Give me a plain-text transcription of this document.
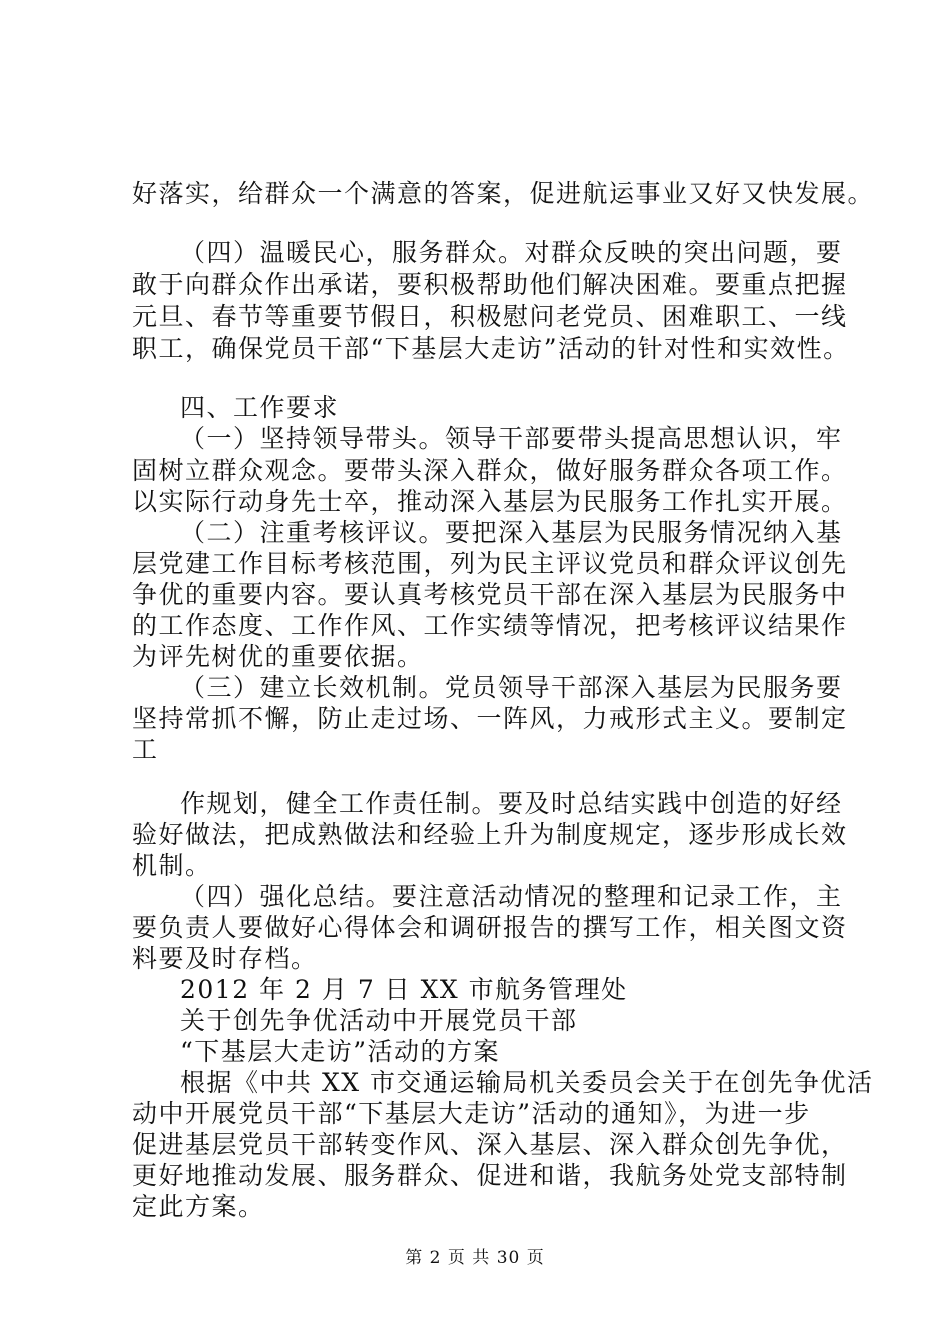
好落实，给群众一个满意的答案，促进航运事业又好又快发展。

（四）温暖民心，服务群众。对群众反映的突出问题，要

敢于向群众作出承诺，要积极帮助他们解决困难。要重点把握

元旦、春节等重要节假日，积极慰问老党员、困难职工、一线

职工，确保党员干部“下基层大走访”活动的针对性和实效性。

四、工作要求

（一）坚持领导带头。领导干部要带头提高思想认识，牢

固树立群众观念。要带头深入群众，做好服务群众各项工作。

以实际行动身先士卒，推动深入基层为民服务工作扎实开展。

（二）注重考核评议。要把深入基层为民服务情况纳入基

层党建工作目标考核范围，列为民主评议党员和群众评议创先

争优的重要内容。要认真考核党员干部在深入基层为民服务中

的工作态度、工作作风、工作实绩等情况，把考核评议结果作

为评先树优的重要依据。

（三）建立长效机制。党员领导干部深入基层为民服务要

坚持常抓不懈，防止走过场、一阵风，力戒形式主义。要制定

工

作规划，健全工作责任制。要及时总结实践中创造的好经

验好做法，把成熟做法和经验上升为制度规定，逐步形成长效

机制。

（四）强化总结。要注意活动情况的整理和记录工作，主

要负责人要做好心得体会和调研报告的撰写工作，相关图文资

料要及时存档。

2012 年 2 月 7 日 XX 市航务管理处

关于创先争优活动中开展党员干部

“下基层大走访”活动的方案

根据《中共 XX 市交通运输局机关委员会关于在创先争优活

动中开展党员干部“下基层大走访”活动的通知》，为进一步

促进基层党员干部转变作风、深入基层、深入群众创先争优，

更好地推动发展、服务群众、促进和谐，我航务处党支部特制

定此方案。

第 2 页 共 30 页
